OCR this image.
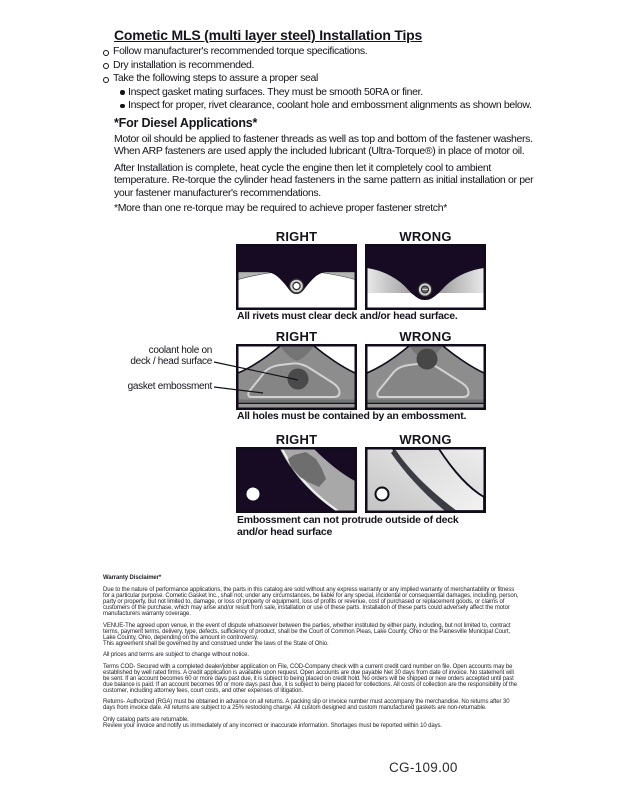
Cometic MLS (multi layer steel) Installation Tips
Follow manufacturer's recommended torque specifications.
Dry installation is recommended.
Take the following steps to assure a proper seal
Inspect gasket mating surfaces. They must be smooth 50RA or finer.
Inspect for proper, rivet clearance, coolant hole and embossment alignments as shown below.
*For Diesel Applications*

Motor oil should be applied to fastener threads as well as top and bottom of the fastener washers. When ARP fasteners are used apply the included lubricant (Ultra-Torque®) in place of motor oil.

After Installation is complete, heat cycle the engine then let it completely cool to ambient temperature. Re-torque the cylinder head fasteners in the same pattern as initial installation or per your fastener manufacturer's recommendations.

*More than one re-torque may be required to achieve proper fastener stretch*

RIGHT	WRONG

All rivets must clear deck and/or head surface.

RIGHT	WRONG

coolant hole on
deck / head surface
gasket embossment

All holes must be contained by an embossment.

RIGHT	WRONG

Embossment can not protrude outside of deck and/or head surface

Warranty Disclaimer*

Due to the nature of performance applications, the parts in this catalog are sold without any express warranty or any implied warranty of merchantability or fitness for a particular purpose. Cometic Gasket Inc., shall not, under any circumstances, be liable for any special, incidental or consequential damages, including, person, party or property, but not limited to, damage, or loss of property or equipment, loss of profits or revenue, cost of purchased or replacement goods, or claims of customers of the purchase, which may arise and/or result from sale, installation or use of these parts. Installation of these parts could adversely affect the motor manufacturers warranty coverage.

VENUE-The agreed upon venue, in the event of dispute whatsoever between the parties, whether instituted by either party, including, but not limited to, contract terms, payment terms, delivery, type, defects, sufficiency of product, shall be the Court of Common Pleas, Lake County, Ohio or the Painesville Municipal Court, Lake County, Ohio, depending on the amount in controversy.

This agreement shall be governed by and construed under the laws of the State of Ohio.

All prices and terms are subject to change without notice.

Terms COD- Secured with a completed dealer/jobber application on File, COD-Company check with a current credit card number on file. Open accounts may be established by well rated firms. A credit application is available upon request. Open accounts are due payable Net 30 days from date of invoice. No statement will be sent. If an account becomes 60 or more days past due, it is subject to being placed on credit hold. No orders will be shipped or new orders accepted until past due balance is paid. If an account becomes 90 or more days past due, it is subject to being placed for collections. All costs of collection are the responsibility of the customer, including attorney fees, court costs, and other expenses of litigation.

Returns- Authorized (RGA) must be obtained in advance on all returns. A packing slip or invoice number must accompany the merchandise. No returns after 30 days from invoice date. All returns are subject to a 25% restocking charge. All custom designed and custom manufactured gaskets are non-returnable.

Only catalog parts are returnable.

Review your invoice and notify us immediately of any incorrect or inaccurate information. Shortages must be reported within 10 days.

CG-109.00
